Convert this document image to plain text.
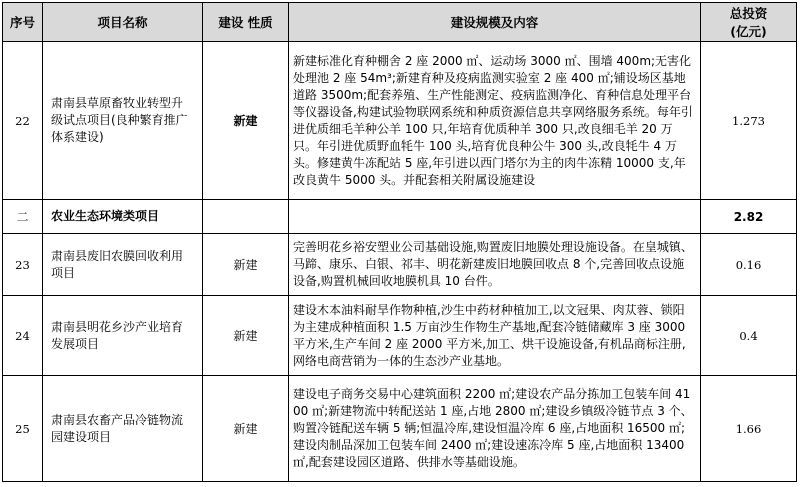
序号	项目名称	建设 性质	建设规模及内容	总投资
(亿元)

22	肃南县草原畜牧业转型升级试点项目(良种繁育推广体系建设)	新建	新建标准化育种棚舍 2 座 2000 ㎡、运动场 3000 ㎡、围墙 400m;无害化处理池 2 座 54m³;新建育种及疫病监测实验室 2 座 400 ㎡;铺设场区基地道路 3500m;配套养殖、生产性能测定、疫病监测净化、育种信息处理平台等仪器设备,构建试验物联网系统和种质资源信息共享网络服务系统。每年引进优质细毛羊种公羊 100 只,年培育优质种羊 300 只,改良细毛羊 20 万只。年引进优质野血牦牛 100 头,培育优良种公牛 300 头,改良牦牛 4 万头。修建黄牛冻配站 5 座,年引进以西门塔尔为主的肉牛冻精 10000 支,年改良黄牛 5000 头。并配套相关附属设施建设	1.273
二	农业生态环境类项目			2.82
23	肃南县废旧农膜回收利用项目	新建	完善明花乡裕安塑业公司基础设施,购置废旧地膜处理设施设备。在皇城镇、马蹄、康乐、白银、祁丰、明花新建废旧地膜回收点 8 个,完善回收点设施设备,购置机械回收地膜机具 10 台件。	0.16
24	肃南县明花乡沙产业培育发展项目	新建	建设木本油料耐旱作物种植,沙生中药材种植加工,以文冠果、肉苁蓉、锁阳为主建成种植面积 1.5 万亩沙生作物生产基地,配套冷链储藏库 3 座 3000 平方米,生产车间 2 座 2000 平方米,加工、烘干设施设备,有机品商标注册,网络电商营销为一体的生态沙产业基地。	0.4
25	肃南县农畜产品冷链物流园建设项目	新建	建设电子商务交易中心建筑面积 2200 ㎡;建设农产品分拣加工包装车间 4100 ㎡;新建物流中转配送站 1 座,占地 2800 ㎡;建设乡镇级冷链节点 3 个、购置冷链配送车辆 5 辆;恒温冷库,建设恒温冷库 6 座,占地面积 16500 ㎡;建设肉制品深加工包装车间 2400 ㎡;建设速冻冷库 5 座,占地面积 13400 ㎡,配套建设园区道路、供排水等基础设施。	1.66
